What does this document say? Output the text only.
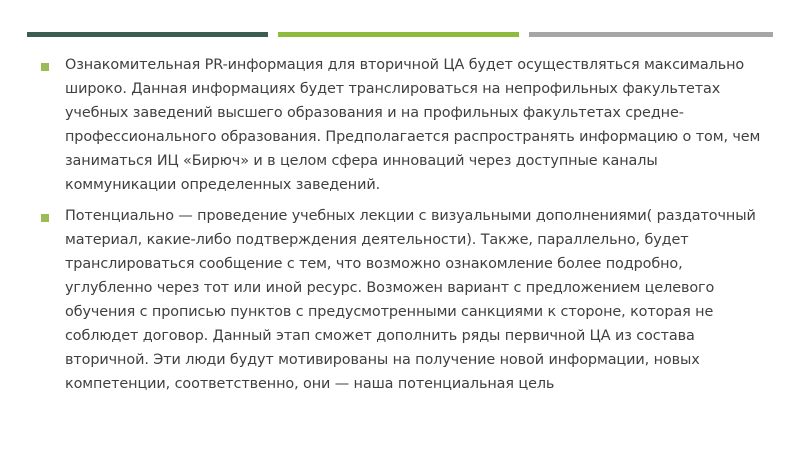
Ознакомительная PR-информация для вторичной ЦА будет осуществляться максимально широко. Данная информациях будет транслироваться на непрофильных факультетах учебных заведений высшего образования и на профильных факультетах средне-профессионального образования. Предполагается распространять информацию о том, чем заниматься ИЦ «Бирюч» и в целом сфера инноваций через доступные каналы коммуникации определенных заведений.
Потенциально — проведение учебных лекции с визуальными дополнениями( раздаточный материал, какие-либо подтверждения деятельности). Также, параллельно, будет транслироваться сообщение с тем, что возможно ознакомление более подробно, углубленно через тот или иной ресурс. Возможен вариант с предложением целевого обучения с прописью пунктов с предусмотренными санкциями к стороне, которая не соблюдет договор. Данный этап сможет дополнить ряды первичной ЦА из состава вторичной. Эти люди будут мотивированы на получение новой информации, новых компетенции, соответственно, они — наша потенциальная цель
